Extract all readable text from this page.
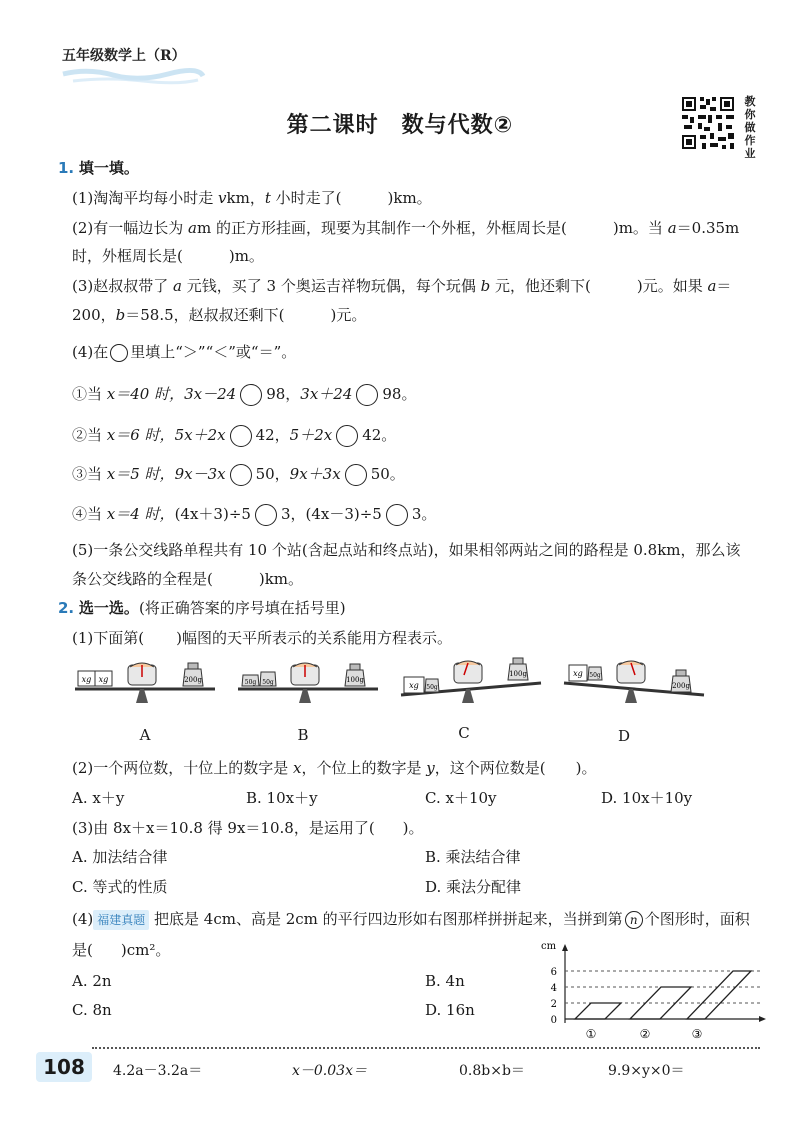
五年级数学上（R）
第二课时　数与代数②
教你做作业
1. 填一填。
(1)淘淘平均每小时走 vkm，t 小时走了(	)km。
(2)有一幅边长为 am 的正方形挂画，现要为其制作一个外框，外框周长是(	)m。当 a＝0.35m
时，外框周长是(	)m。
(3)赵叔叔带了 a 元钱，买了 3 个奥运吉祥物玩偶，每个玩偶 b 元，他还剩下(	)元。如果 a＝
200，b＝58.5，赵叔叔还剩下(	)元。
(4)在 里填上“＞”“＜”或“＝”。
①当 x＝40 时，3x－24 98，3x＋24 98。
②当 x＝6 时，5x＋2x 42，5＋2x 42。
③当 x＝5 时，9x－3x 50，9x＋3x 50。
④当 x＝4 时，(4x＋3)÷5 3，(4x－3)÷5 3。
(5)一条公交线路单程共有 10 个站(含起点站和终点站)，如果相邻两站之间的路程是 0.8km，那么该
条公交线路的全程是(	)km。
2. 选一选。(将正确答案的序号填在括号里)
(1)下面第( )幅图的天平所表示的关系能用方程表示。
xg xg	200g	50g 50g	100g
xg 50g
100g	xg 50g
200g
A	B	C	D
(2)一个两位数，十位上的数字是 x，个位上的数字是 y，这个两位数是(　　)。
A. x＋y	B. 10x＋y	C. x＋10y	D. 10x＋10y
(3)由 8x＋x＝10.8 得 9x＝10.8，是运用了( )。
A. 加法结合律	B. 乘法结合律
C. 等式的性质	D. 乘法分配律
(4) 福建真题 把底是 4cm、高是 2cm 的平行四边形如右图那样拼拼起来，当拼到第 n 个图形时，面积
是( )cm²。
A. 2n	B. 4n
C. 8n	D. 16n
cm
6
4
2
0
①	②	③
108	4.2a－3.2a＝	x－0.03x＝	0.8b×b＝	9.9×y×0＝
